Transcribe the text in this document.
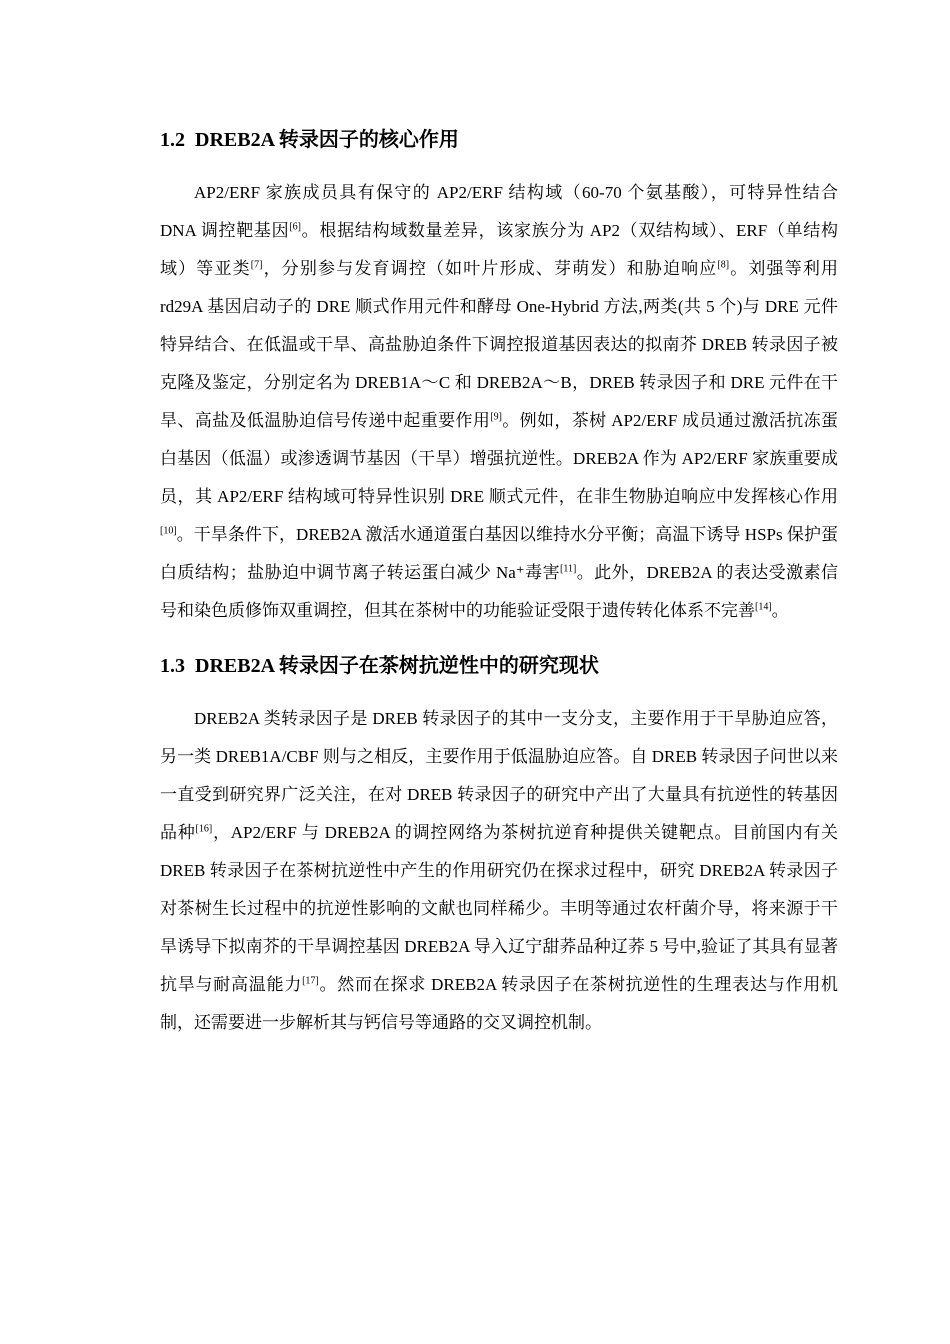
1.2 DREB2A 转录因子的核心作用

AP2/ERF 家族成员具有保守的 AP2/ERF 结构域（60-70 个氨基酸），可特异性结合 DNA 调控靶基因[6]。根据结构域数量差异，该家族分为 AP2（双结构域）、ERF（单结构域）等亚类[7]，分别参与发育调控（如叶片形成、芽萌发）和胁迫响应[8]。刘强等利用 rd29A 基因启动子的 DRE 顺式作用元件和酵母 One-Hybrid 方法,两类(共 5 个)与 DRE 元件特异结合、在低温或干旱、高盐胁迫条件下调控报道基因表达的拟南芥 DREB 转录因子被克隆及鉴定，分别定名为 DREB1A～C 和 DREB2A～B，DREB 转录因子和 DRE 元件在干旱、高盐及低温胁迫信号传递中起重要作用[9]。例如，茶树 AP2/ERF 成员通过激活抗冻蛋白基因（低温）或渗透调节基因（干旱）增强抗逆性。DREB2A 作为 AP2/ERF 家族重要成员，其 AP2/ERF 结构域可特异性识别 DRE 顺式元件，在非生物胁迫响应中发挥核心作用[10]。干旱条件下，DREB2A 激活水通道蛋白基因以维持水分平衡；高温下诱导 HSPs 保护蛋白质结构；盐胁迫中调节离子转运蛋白减少 Na⁺毒害[11]。此外，DREB2A 的表达受激素信号和染色质修饰双重调控，但其在茶树中的功能验证受限于遗传转化体系不完善[14]。

1.3 DREB2A 转录因子在茶树抗逆性中的研究现状

DREB2A 类转录因子是 DREB 转录因子的其中一支分支，主要作用于干旱胁迫应答，另一类 DREB1A/CBF 则与之相反，主要作用于低温胁迫应答。自 DREB 转录因子问世以来一直受到研究界广泛关注，在对 DREB 转录因子的研究中产出了大量具有抗逆性的转基因品种[16]，AP2/ERF 与 DREB2A 的调控网络为茶树抗逆育种提供关键靶点。目前国内有关 DREB 转录因子在茶树抗逆性中产生的作用研究仍在探求过程中，研究 DREB2A 转录因子对茶树生长过程中的抗逆性影响的文献也同样稀少。丰明等通过农杆菌介导，将来源于干旱诱导下拟南芥的干旱调控基因 DREB2A 导入辽宁甜荞品种辽荞 5 号中,验证了其具有显著抗旱与耐高温能力[17]。然而在探求 DREB2A 转录因子在茶树抗逆性的生理表达与作用机制，还需要进一步解析其与钙信号等通路的交叉调控机制。
